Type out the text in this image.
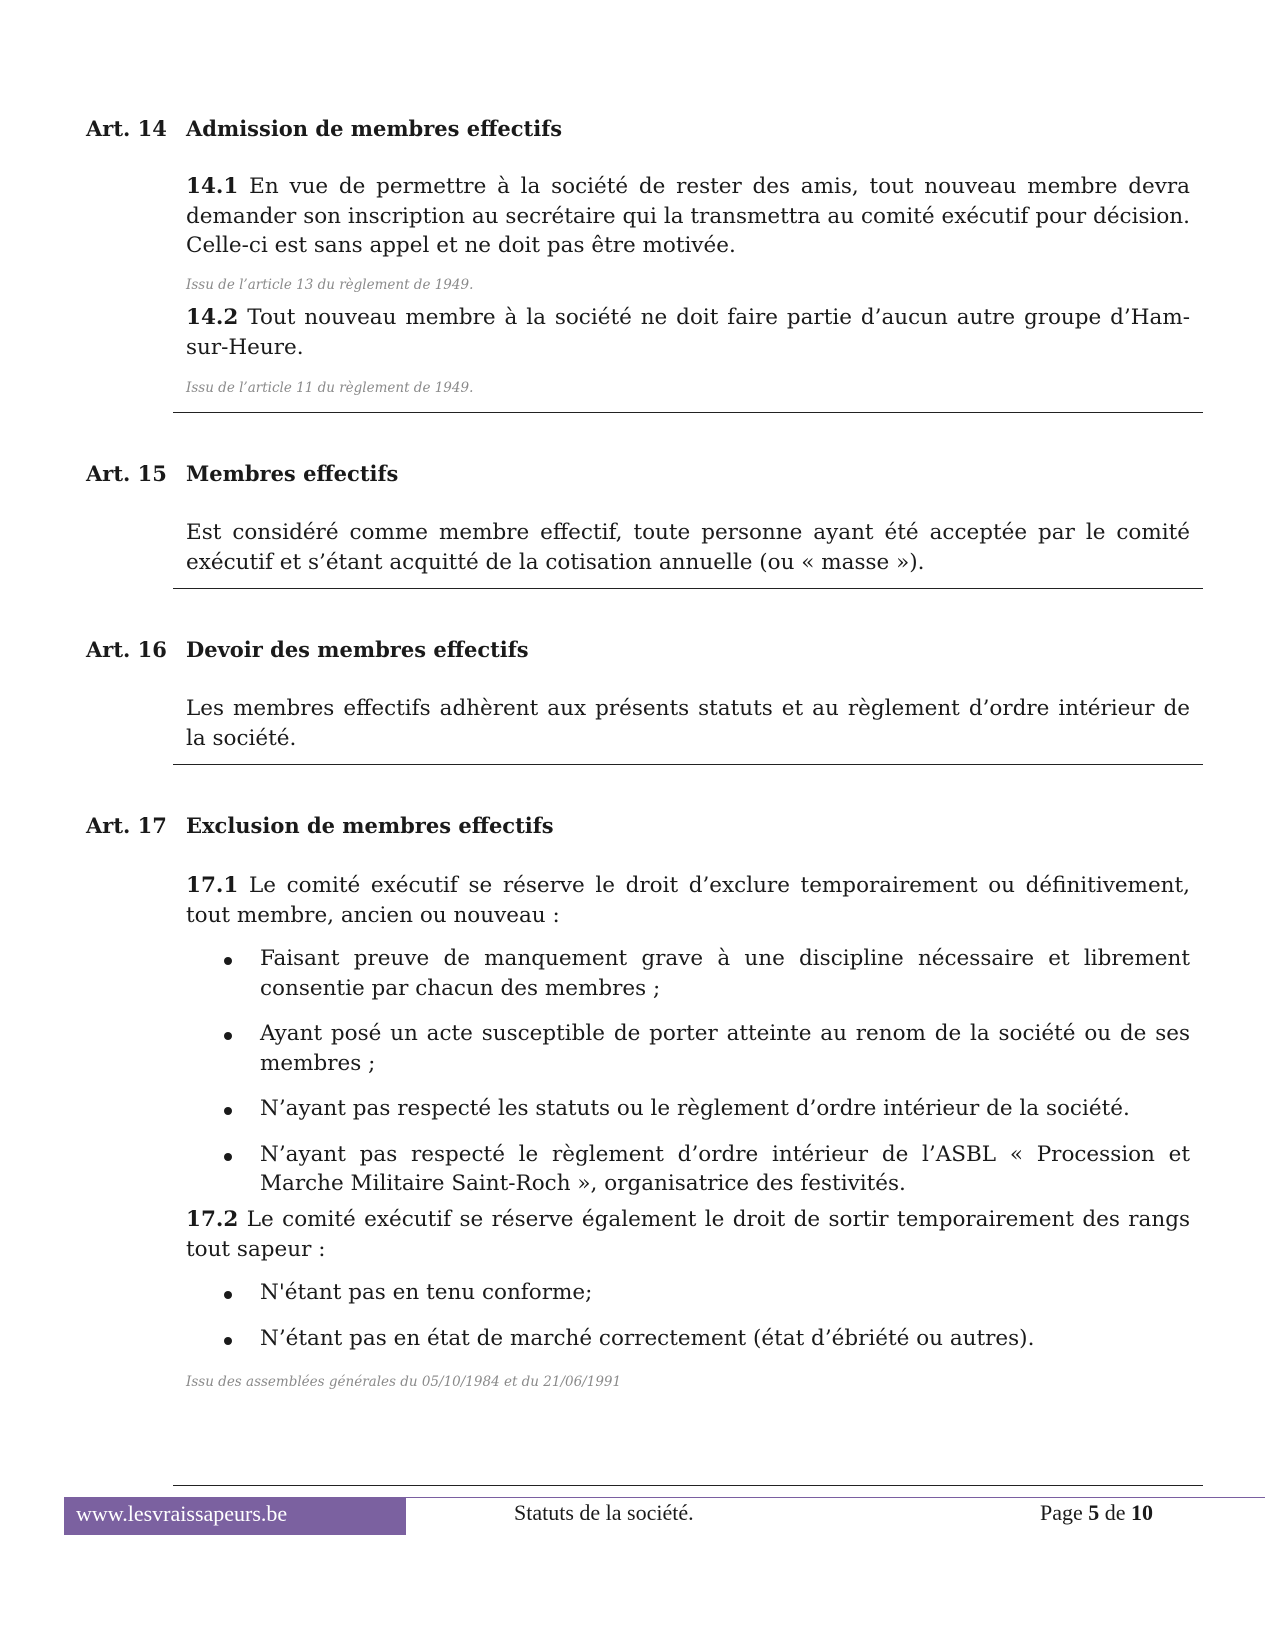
Art. 14 Admission de membres effectifs
14.1 En vue de permettre à la société de rester des amis, tout nouveau membre devra demander son inscription au secrétaire qui la transmettra au comité exécutif pour décision. Celle-ci est sans appel et ne doit pas être motivée.
Issu de l’article 13 du règlement de 1949.
14.2 Tout nouveau membre à la société ne doit faire partie d’aucun autre groupe d’Ham-sur-Heure.
Issu de l’article 11 du règlement de 1949.
Art. 15 Membres effectifs
Est considéré comme membre effectif, toute personne ayant été acceptée par le comité exécutif et s’étant acquitté de la cotisation annuelle (ou « masse »).
Art. 16 Devoir des membres effectifs
Les membres effectifs adhèrent aux présents statuts et au règlement d’ordre intérieur de la société.
Art. 17 Exclusion de membres effectifs
17.1 Le comité exécutif se réserve le droit d’exclure temporairement ou définitivement, tout membre, ancien ou nouveau :
Faisant preuve de manquement grave à une discipline nécessaire et librement consentie par chacun des membres ;
Ayant posé un acte susceptible de porter atteinte au renom de la société ou de ses membres ;
N’ayant pas respecté les statuts ou le règlement d’ordre intérieur de la société.
N’ayant pas respecté le règlement d’ordre intérieur de l’ASBL « Procession et Marche Militaire Saint-Roch », organisatrice des festivités.
17.2 Le comité exécutif se réserve également le droit de sortir temporairement des rangs tout sapeur :
N'étant pas en tenu conforme;
N’étant pas en état de marché correctement (état d’ébriété ou autres).
Issu des assemblées générales du 05/10/1984 et du 21/06/1991
www.lesvraissapeurs.be	Statuts de la société.	Page 5 de 10
